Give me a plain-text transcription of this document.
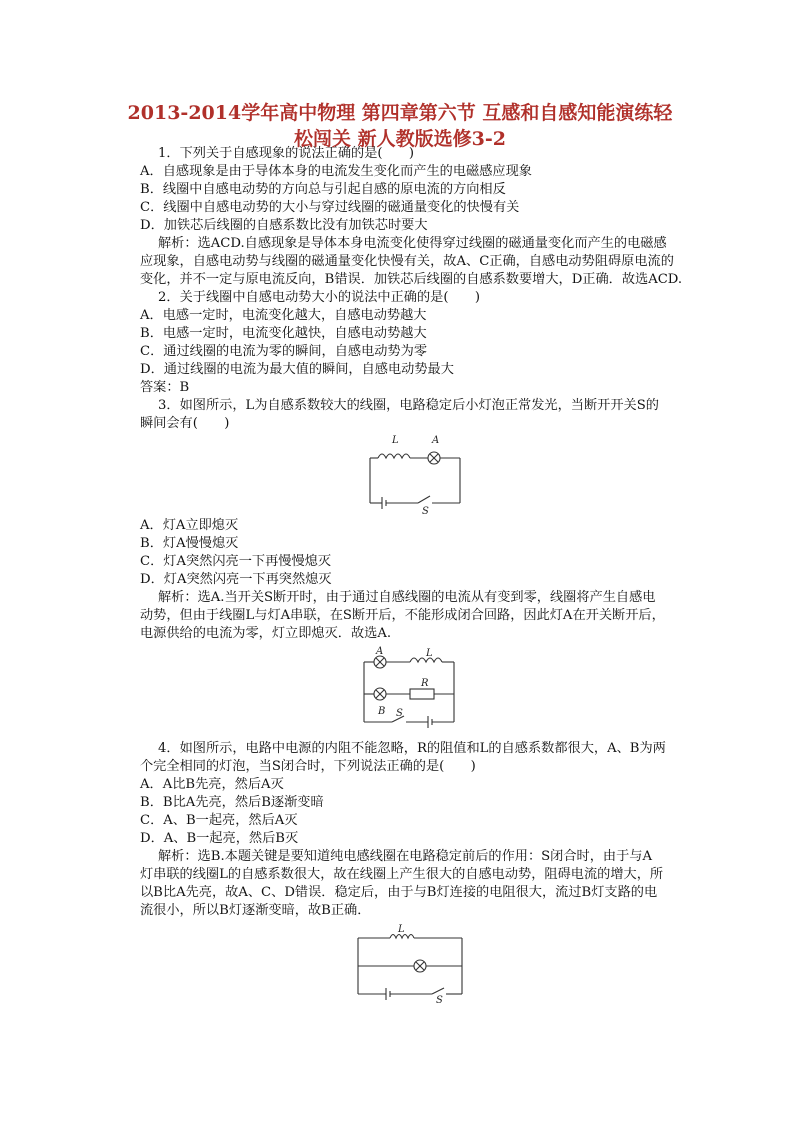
2013-2014学年高中物理 第四章第六节 互感和自感知能演练轻
松闯关 新人教版选修3-2
1．下列关于自感现象的说法正确的是(　　)
A．自感现象是由于导体本身的电流发生变化而产生的电磁感应现象
B．线圈中自感电动势的方向总与引起自感的原电流的方向相反
C．线圈中自感电动势的大小与穿过线圈的磁通量变化的快慢有关
D．加铁芯后线圈的自感系数比没有加铁芯时要大
解析：选ACD.自感现象是导体本身电流变化使得穿过线圈的磁通量变化而产生的电磁感
应现象，自感电动势与线圈的磁通量变化快慢有关，故A、C正确，自感电动势阻碍原电流的
变化，并不一定与原电流反向，B错误．加铁芯后线圈的自感系数要增大，D正确．故选ACD.
2．关于线圈中自感电动势大小的说法中正确的是(　　)
A．电感一定时，电流变化越大，自感电动势越大
B．电感一定时，电流变化越快，自感电动势越大
C．通过线圈的电流为零的瞬间，自感电动势为零
D．通过线圈的电流为最大值的瞬间，自感电动势最大
答案：B
3．如图所示，L为自感系数较大的线圈，电路稳定后小灯泡正常发光，当断开开关S的
瞬间会有(　　)
L	A
S
A．灯A立即熄灭
B．灯A慢慢熄灭
C．灯A突然闪亮一下再慢慢熄灭
D．灯A突然闪亮一下再突然熄灭
解析：选A.当开关S断开时，由于通过自感线圈的电流从有变到零，线圈将产生自感电
动势，但由于线圈L与灯A串联，在S断开后，不能形成闭合回路，因此灯A在开关断开后，
电源供给的电流为零，灯立即熄灭．故选A.
A	L
R
B S
4．如图所示，电路中电源的内阻不能忽略，R的阻值和L的自感系数都很大，A、B为两
个完全相同的灯泡，当S闭合时，下列说法正确的是(　　)
A．A比B先亮，然后A灭
B．B比A先亮，然后B逐渐变暗
C．A、B一起亮，然后A灭
D．A、B一起亮，然后B灭
解析：选B.本题关键是要知道纯电感线圈在电路稳定前后的作用：S闭合时，由于与A
灯串联的线圈L的自感系数很大，故在线圈上产生很大的自感电动势，阻碍电流的增大，所
以B比A先亮，故A、C、D错误．稳定后，由于与B灯连接的电阻很大，流过B灯支路的电
流很小，所以B灯逐渐变暗，故B正确．
L
S
